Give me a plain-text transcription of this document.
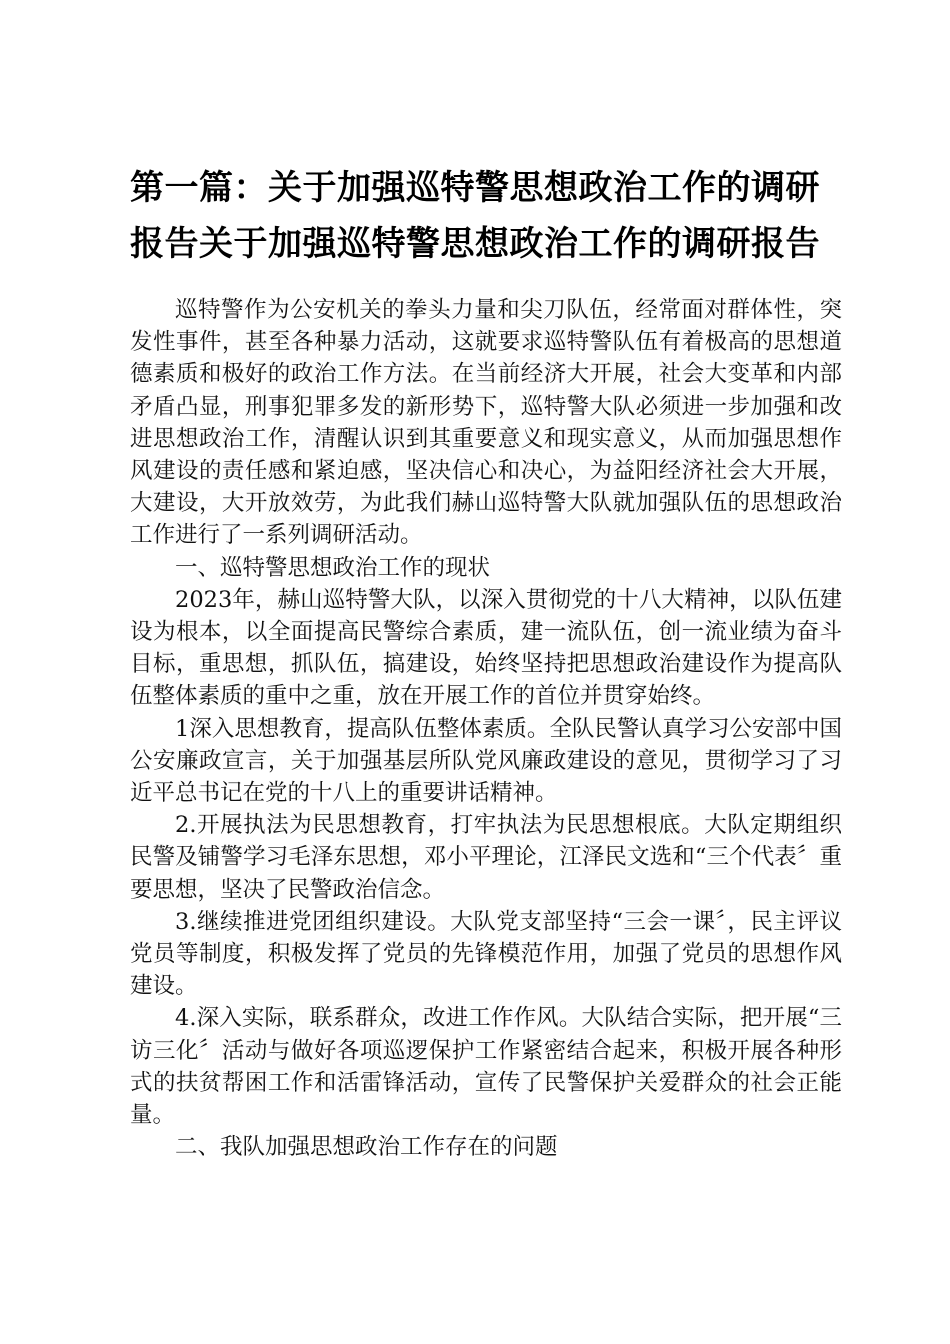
第一篇：关于加强巡特警思想政治工作的调研报告关于加强巡特警思想政治工作的调研报告

巡特警作为公安机关的拳头力量和尖刀队伍，经常面对群体性，突发性事件，甚至各种暴力活动，这就要求巡特警队伍有着极高的思想道德素质和极好的政治工作方法。在当前经济大开展，社会大变革和内部矛盾凸显，刑事犯罪多发的新形势下，巡特警大队必须进一步加强和改进思想政治工作，清醒认识到其重要意义和现实意义，从而加强思想作风建设的责任感和紧迫感，坚决信心和决心，为益阳经济社会大开展，大建设，大开放效劳，为此我们赫山巡特警大队就加强队伍的思想政治工作进行了一系列调研活动。

一、巡特警思想政治工作的现状

2023年，赫山巡特警大队，以深入贯彻党的十八大精神，以队伍建设为根本，以全面提高民警综合素质，建一流队伍，创一流业绩为奋斗目标，重思想，抓队伍，搞建设，始终坚持把思想政治建设作为提高队伍整体素质的重中之重，放在开展工作的首位并贯穿始终。

1深入思想教育，提高队伍整体素质。全队民警认真学习公安部中国公安廉政宣言，关于加强基层所队党风廉政建设的意见，贯彻学习了习近平总书记在党的十八上的重要讲话精神。

2.开展执法为民思想教育，打牢执法为民思想根底。大队定期组织民警及铺警学习毛泽东思想，邓小平理论，江泽民文选和“三个代表〞重要思想，坚决了民警政治信念。

3.继续推进党团组织建设。大队党支部坚持“三会一课〞，民主评议党员等制度，积极发挥了党员的先锋模范作用，加强了党员的思想作风建设。

4.深入实际，联系群众，改进工作作风。大队结合实际，把开展“三访三化〞活动与做好各项巡逻保护工作紧密结合起来，积极开展各种形式的扶贫帮困工作和活雷锋活动，宣传了民警保护关爱群众的社会正能量。

二、我队加强思想政治工作存在的问题
